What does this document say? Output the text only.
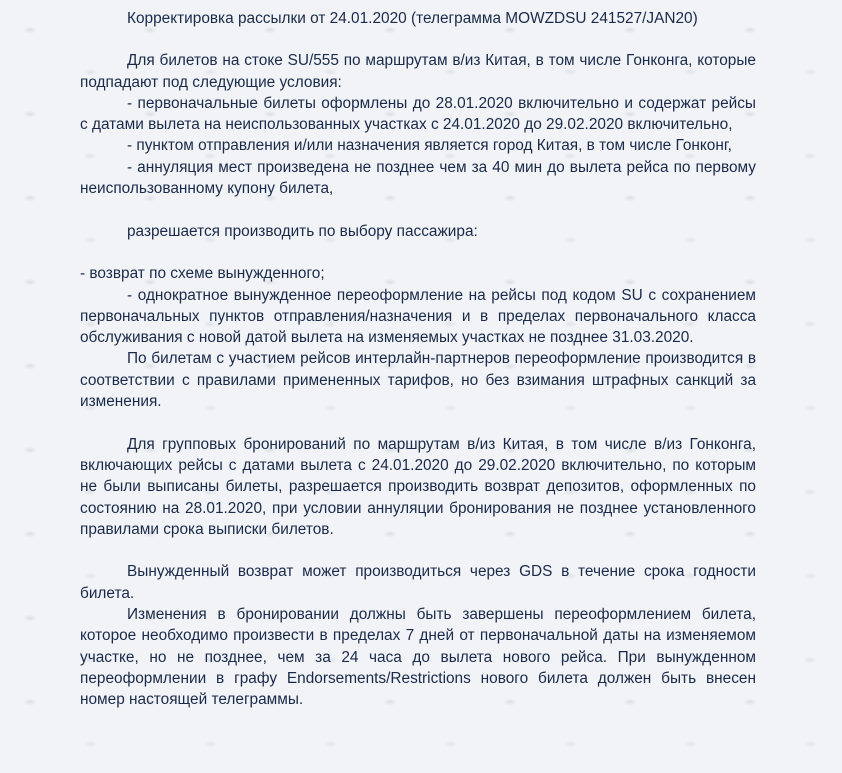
Корректировка рассылки от 24.01.2020 (телеграмма MOWZDSU 241527/JAN20)

Для билетов на стоке SU/555 по маршрутам в/из Китая, в том числе Гонконга, которые подпадают под следующие условия:

- первоначальные билеты оформлены до 28.01.2020 включительно и содержат рейсы с датами вылета на неиспользованных участках с 24.01.2020 до 29.02.2020 включительно,

- пунктом отправления и/или назначения является город Китая, в том числе Гонконг,

- аннуляция мест произведена не позднее чем за 40 мин до вылета рейса по первому неиспользованному купону билета,

разрешается производить по выбору пассажира:

- возврат по схеме вынужденного;

- однократное вынужденное переоформление на рейсы под кодом SU с сохранением первоначальных пунктов отправления/назначения и в пределах первоначального класса обслуживания с новой датой вылета на изменяемых участках не позднее 31.03.2020.

По билетам с участием рейсов интерлайн-партнеров переоформление производится в соответствии с правилами примененных тарифов, но без взимания штрафных санкций за изменения.

Для групповых бронирований по маршрутам в/из Китая, в том числе в/из Гонконга, включающих рейсы с датами вылета с 24.01.2020 до 29.02.2020 включительно, по которым не были выписаны билеты, разрешается производить возврат депозитов, оформленных по состоянию на 28.01.2020, при условии аннуляции бронирования не позднее установленного правилами срока выписки билетов.

Вынужденный возврат может производиться через GDS в течение срока годности билета.

Изменения в бронировании должны быть завершены переоформлением билета, которое необходимо произвести в пределах 7 дней от первоначальной даты на изменяемом участке, но не позднее, чем за 24 часа до вылета нового рейса. При вынужденном переоформлении в графу Endorsements/Restrictions нового билета должен быть внесен номер настоящей телеграммы.
